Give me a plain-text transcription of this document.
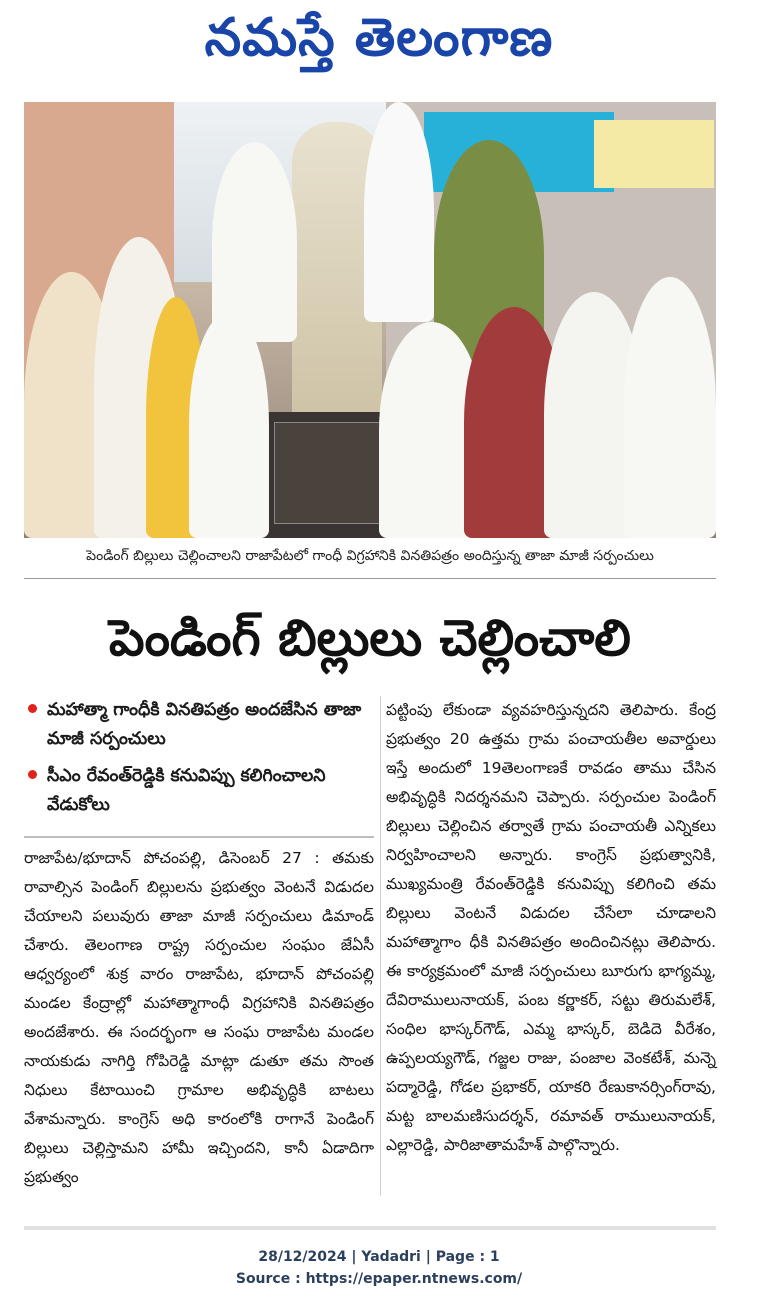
నమస్తే తెలంగాణ
పెండింగ్ బిల్లులు చెల్లించాలని రాజాపేటలో గాంధీ విగ్రహానికి వినతిపత్రం అందిస్తున్న తాజా మాజీ సర్పంచులు
పెండింగ్ బిల్లులు చెల్లించాలి
మహాత్మా గాంధీకి వినతిపత్రం అందజేసిన తాజా మాజీ సర్పంచులు
సీఎం రేవంత్‌రెడ్డికి కనువిప్పు కలిగించాలని వేడుకోలు
రాజాపేట/భూదాన్ పోచంపల్లి, డిసెంబర్ 27 : తమకు రావాల్సిన పెండింగ్ బిల్లులను ప్రభుత్వం వెంటనే విడుదల చేయాలని పలువురు తాజా మాజీ సర్పంచులు డిమాండ్ చేశారు. తెలంగాణ రాష్ట్ర సర్పంచుల సంఘం జేఏసీ ఆధ్వర్యంలో శుక్ర వారం రాజాపేట, భూదాన్ పోచంపల్లి మండల కేంద్రాల్లో మహాత్మాగాంధీ విగ్రహానికి వినతిపత్రం అందజేశారు. ఈ సందర్భంగా ఆ సంఘ రాజాపేట మండల నాయకుడు నాగిర్తి గోపిరెడ్డి మాట్లా డుతూ తమ సొంత నిధులు కేటాయించి గ్రామాల అభివృద్ధికి బాటలు వేశామన్నారు. కాంగ్రెస్ అధి కారంలోకి రాగానే పెండింగ్ బిల్లులు చెల్లిస్తామని హామీ ఇచ్చిందని, కానీ ఏడాదిగా ప్రభుత్వం
పట్టింపు లేకుండా వ్యవహరిస్తున్నదని తెలిపారు. కేంద్ర ప్రభుత్వం 20 ఉత్తమ గ్రామ పంచాయతీల అవార్డులు ఇస్తే అందులో 19తెలంగాణకే రావడం తాము చేసిన అభివృద్ధికి నిదర్శనమని చెప్పారు. సర్పంచుల పెండింగ్ బిల్లులు చెల్లించిన తర్వాతే గ్రామ పంచాయతీ ఎన్నికలు నిర్వహించాలని అన్నారు. కాంగ్రెస్ ప్రభుత్వానికి, ముఖ్యమంత్రి రేవంత్‌రెడ్డికి కనువిప్పు కలిగించి తమ బిల్లులు వెంటనే విడుదల చేసేలా చూడాలని మహాత్మాగాం ధీకి వినతిపత్రం అందించినట్లు తెలిపారు. ఈ కార్యక్రమంలో మాజీ సర్పంచులు బూరుగు భాగ్యమ్మ, దేవిరాములునాయక్, పంబ కర్ణాకర్, సట్టు తిరుమలేశ్, సంధిల భాస్కర్‌గౌడ్, ఎమ్మ భాస్కర్, బెడిదె వీరేశం, ఉప్పలయ్యగౌడ్, గజ్జల రాజు, పంజాల వెంకటేశ్, మన్నె పద్మారెడ్డి, గోడల ప్రభాకర్, యాకరి రేణుకానర్సింగ్‌రావు, మట్ట బాలమణిసుదర్శన్, రమావత్ రాములునాయక్, ఎల్లారెడ్డి, పారిజాతామహేశ్ పాల్గొన్నారు.
28/12/2024 | Yadadri | Page : 1
Source : https://epaper.ntnews.com/
